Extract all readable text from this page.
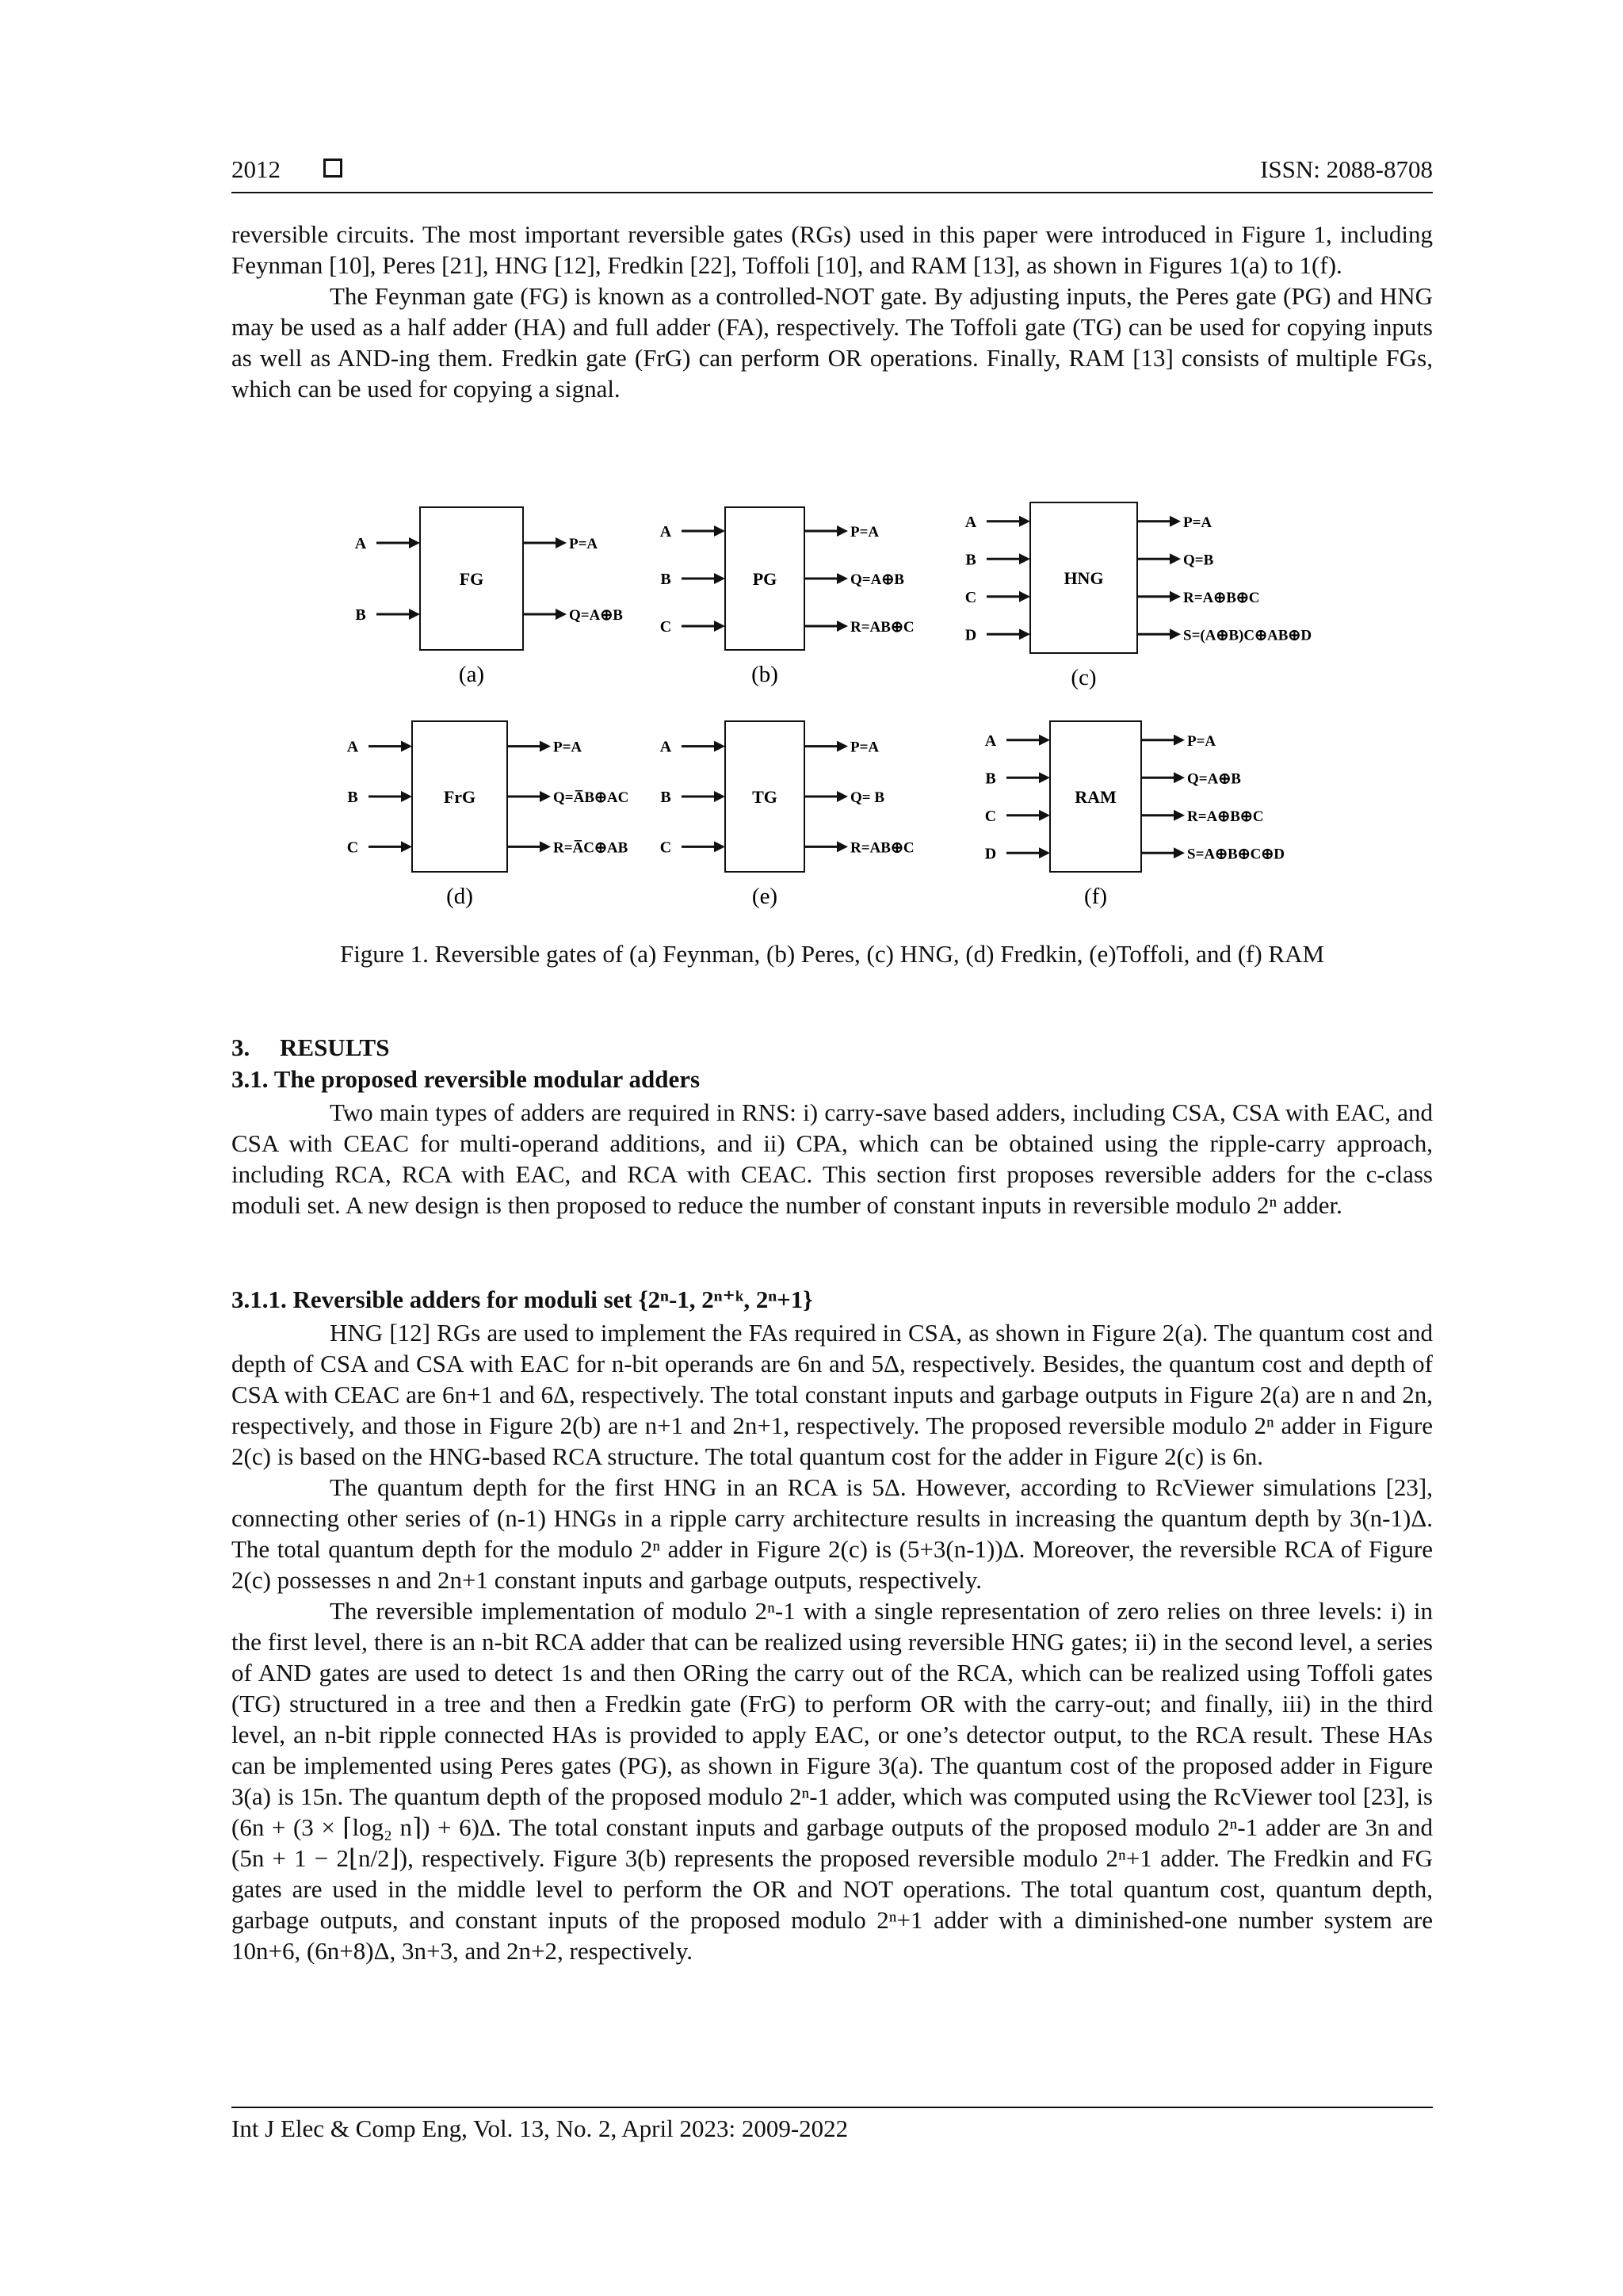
2012	ISSN: 2088-8708

reversible circuits. The most important reversible gates (RGs) used in this paper were introduced in Figure 1, including Feynman [10], Peres [21], HNG [12], Fredkin [22], Toffoli [10], and RAM [13], as shown in Figures 1(a) to 1(f).

The Feynman gate (FG) is known as a controlled-NOT gate. By adjusting inputs, the Peres gate (PG) and HNG may be used as a half adder (HA) and full adder (FA), respectively. The Toffoli gate (TG) can be used for copying inputs as well as AND-ing them. Fredkin gate (FrG) can perform OR operations. Finally, RAM [13] consists of multiple FGs, which can be used for copying a signal.

FG
A
B
P=A
Q=A⊕B
(a)
PG
A
B
C
P=A
Q=A⊕B
R=AB⊕C
(b)
HNG
A
B
C
D
P=A
Q=B
R=A⊕B⊕C
S=(A⊕B)C⊕AB⊕D
(c)
FrG
A
B
C
P=A
Q=A̅B⊕AC
R=A̅C⊕AB
(d)
TG
A
B
C
P=A
Q= B
R=AB⊕C
(e)
RAM
A
B
C
D
P=A
Q=A⊕B
R=A⊕B⊕C
S=A⊕B⊕C⊕D
(f)
Figure 1. Reversible gates of (a) Feynman, (b) Peres, (c) HNG, (d) Fredkin, (e)Toffoli, and (f) RAM
3. RESULTS
3.1. The proposed reversible modular adders

Two main types of adders are required in RNS: i) carry-save based adders, including CSA, CSA with EAC, and CSA with CEAC for multi-operand additions, and ii) CPA, which can be obtained using the ripple-carry approach, including RCA, RCA with EAC, and RCA with CEAC. This section first proposes reversible adders for the c-class moduli set. A new design is then proposed to reduce the number of constant inputs in reversible modulo 2ⁿ adder.

3.1.1. Reversible adders for moduli set {2ⁿ-1, 2ⁿ⁺ᵏ, 2ⁿ+1}

HNG [12] RGs are used to implement the FAs required in CSA, as shown in Figure 2(a). The quantum cost and depth of CSA and CSA with EAC for n-bit operands are 6n and 5Δ, respectively. Besides, the quantum cost and depth of CSA with CEAC are 6n+1 and 6Δ, respectively. The total constant inputs and garbage outputs in Figure 2(a) are n and 2n, respectively, and those in Figure 2(b) are n+1 and 2n+1, respectively. The proposed reversible modulo 2ⁿ adder in Figure 2(c) is based on the HNG-based RCA structure. The total quantum cost for the adder in Figure 2(c) is 6n.

The quantum depth for the first HNG in an RCA is 5Δ. However, according to RcViewer simulations [23], connecting other series of (n-1) HNGs in a ripple carry architecture results in increasing the quantum depth by 3(n-1)Δ. The total quantum depth for the modulo 2ⁿ adder in Figure 2(c) is (5+3(n-1))Δ. Moreover, the reversible RCA of Figure 2(c) possesses n and 2n+1 constant inputs and garbage outputs, respectively.

The reversible implementation of modulo 2ⁿ-1 with a single representation of zero relies on three levels: i) in the first level, there is an n-bit RCA adder that can be realized using reversible HNG gates; ii) in the second level, a series of AND gates are used to detect 1s and then ORing the carry out of the RCA, which can be realized using Toffoli gates (TG) structured in a tree and then a Fredkin gate (FrG) to perform OR with the carry-out; and finally, iii) in the third level, an n-bit ripple connected HAs is provided to apply EAC, or one’s detector output, to the RCA result. These HAs can be implemented using Peres gates (PG), as shown in Figure 3(a). The quantum cost of the proposed adder in Figure 3(a) is 15n. The quantum depth of the proposed modulo 2ⁿ-1 adder, which was computed using the RcViewer tool [23], is (6n + (3 × ⌈log₂ n⌉) + 6)Δ. The total constant inputs and garbage outputs of the proposed modulo 2ⁿ-1 adder are 3n and (5n + 1 − 2⌊n/2⌋), respectively. Figure 3(b) represents the proposed reversible modulo 2ⁿ+1 adder. The Fredkin and FG gates are used in the middle level to perform the OR and NOT operations. The total quantum cost, quantum depth, garbage outputs, and constant inputs of the proposed modulo 2ⁿ+1 adder with a diminished-one number system are 10n+6, (6n+8)Δ, 3n+3, and 2n+2, respectively.

Int J Elec & Comp Eng, Vol. 13, No. 2, April 2023: 2009-2022
